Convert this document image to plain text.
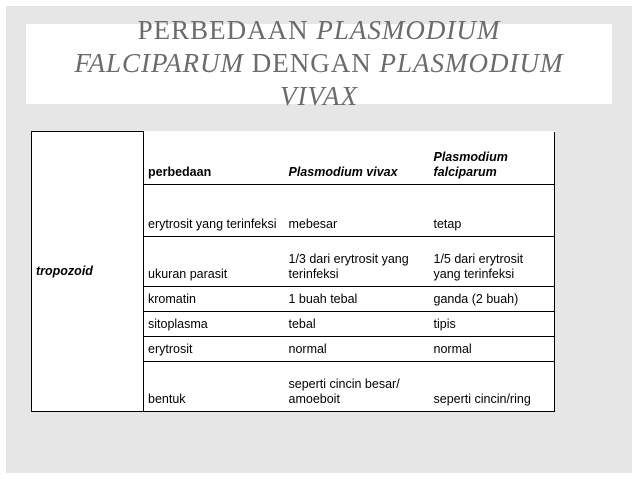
PERBEDAAN PLASMODIUM
FALCIPARUM DENGAN PLASMODIUM
VIVAX
tropozoid	perbedaan	Plasmodium vivax	Plasmodium falciparum
	erytrosit yang terinfeksi	mebesar	tetap
	ukuran parasit	1/3 dari erytrosit yang terinfeksi	1/5 dari erytrosit yang terinfeksi
	kromatin	1 buah tebal	ganda (2 buah)
	sitoplasma	tebal	tipis
	erytrosit	normal	normal
	bentuk	seperti cincin besar/ amoeboit	seperti cincin/ring
